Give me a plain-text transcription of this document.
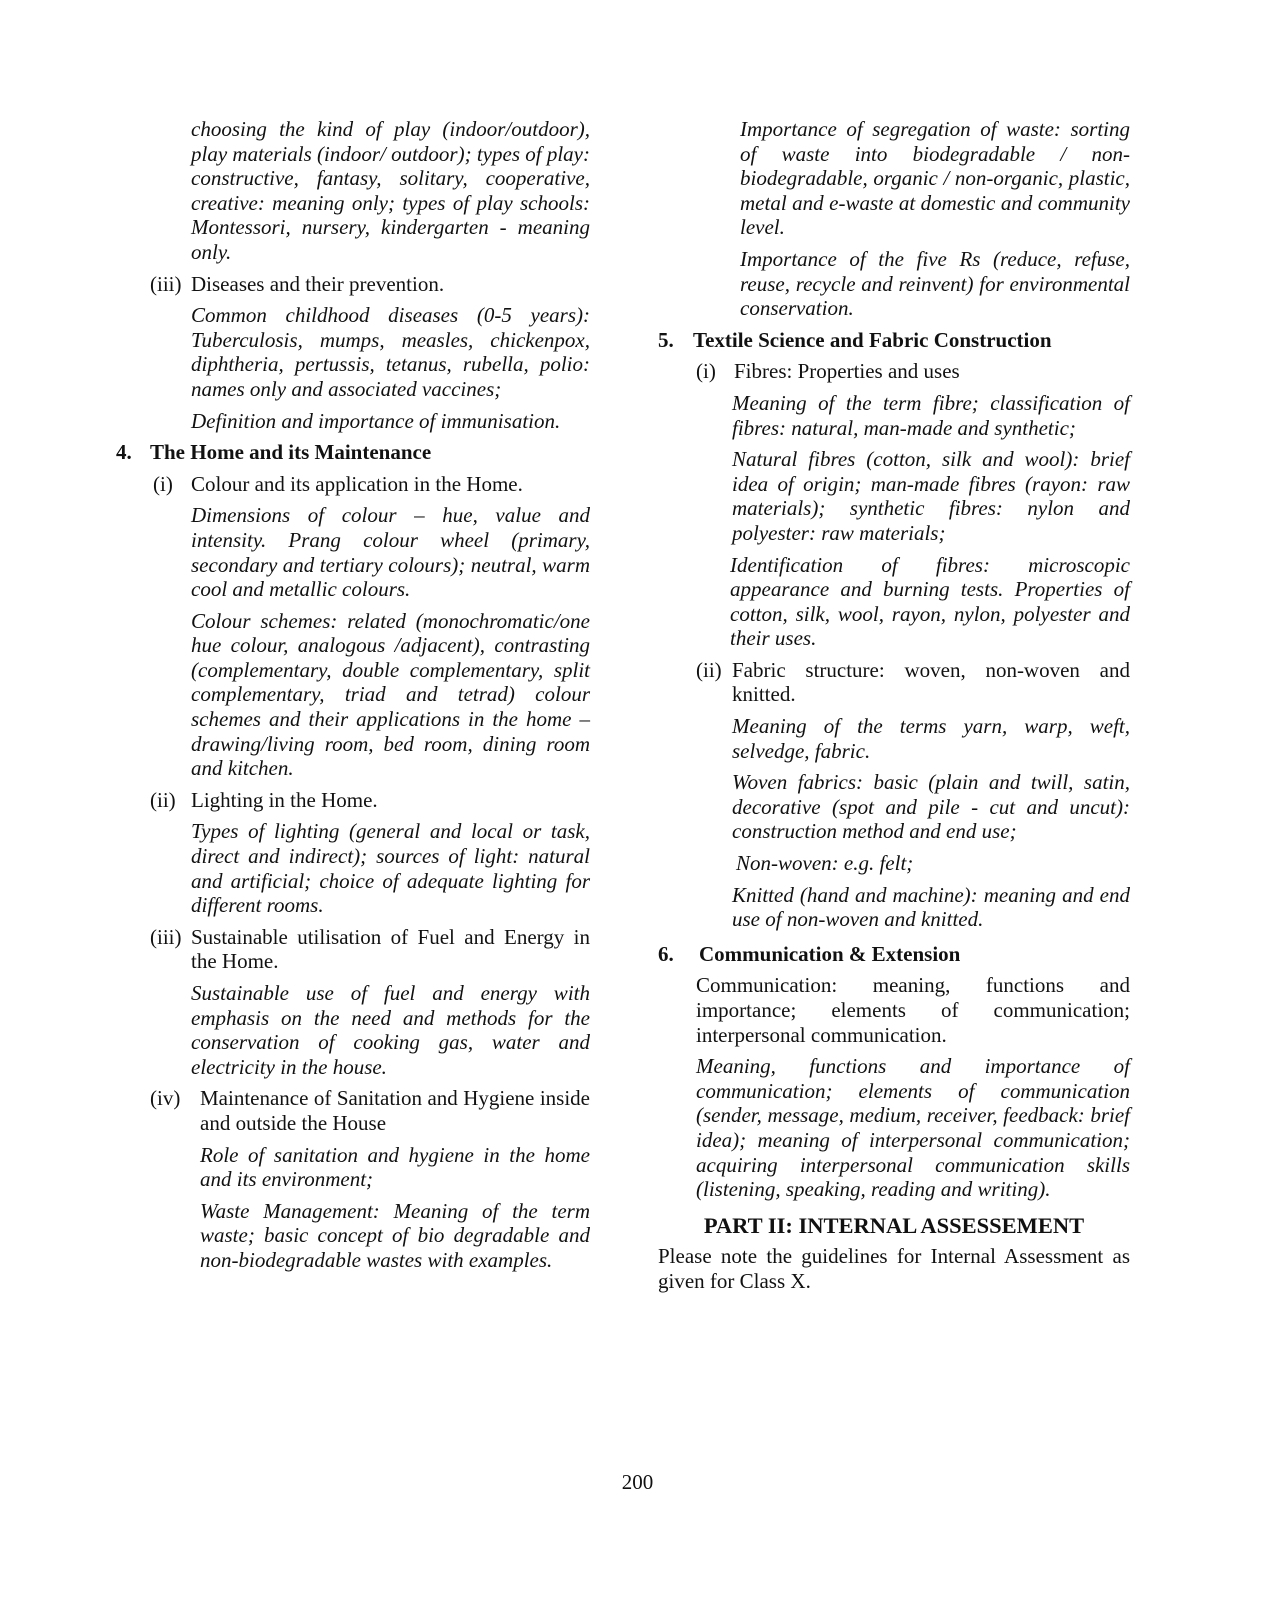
choosing the kind of play (indoor/outdoor), play materials (indoor/ outdoor); types of play: constructive, fantasy, solitary, cooperative, creative: meaning only; types of play schools: Montessori, nursery, kindergarten - meaning only.

(iii) Diseases and their prevention.

Common childhood diseases (0-5 years): Tuberculosis, mumps, measles, chickenpox, diphtheria, pertussis, tetanus, rubella, polio: names only and associated vaccines;

Definition and importance of immunisation.

4. The Home and its Maintenance
(i) Colour and its application in the Home.

Dimensions of colour – hue, value and intensity. Prang colour wheel (primary, secondary and tertiary colours); neutral, warm cool and metallic colours.

Colour schemes: related (monochromatic/one hue colour, analogous /adjacent), contrasting (complementary, double complementary, split complementary, triad and tetrad) colour schemes and their applications in the home – drawing/living room, bed room, dining room and kitchen.

(ii) Lighting in the Home.

Types of lighting (general and local or task, direct and indirect); sources of light: natural and artificial; choice of adequate lighting for different rooms.

(iii) Sustainable utilisation of Fuel and Energy in the Home.

Sustainable use of fuel and energy with emphasis on the need and methods for the conservation of cooking gas, water and electricity in the house.

(iv) Maintenance of Sanitation and Hygiene inside and outside the House

Role of sanitation and hygiene in the home and its environment;

Waste Management: Meaning of the term waste; basic concept of bio degradable and non-biodegradable wastes with examples.

Importance of segregation of waste: sorting of waste into biodegradable / non-biodegradable, organic / non-organic, plastic, metal and e-waste at domestic and community level.

Importance of the five Rs (reduce, refuse, reuse, recycle and reinvent) for environmental conservation.

5. Textile Science and Fabric Construction
(i) Fibres: Properties and uses

Meaning of the term fibre; classification of fibres: natural, man-made and synthetic;

Natural fibres (cotton, silk and wool): brief idea of origin; man-made fibres (rayon: raw materials); synthetic fibres: nylon and polyester: raw materials;

Identification of fibres: microscopic appearance and burning tests. Properties of cotton, silk, wool, rayon, nylon, polyester and their uses.

(ii) Fabric structure: woven, non-woven and knitted.

Meaning of the terms yarn, warp, weft, selvedge, fabric.

Woven fabrics: basic (plain and twill, satin, decorative (spot and pile - cut and uncut): construction method and end use;

Non-woven: e.g. felt;

Knitted (hand and machine): meaning and end use of non-woven and knitted.

6. Communication & Extension

Communication: meaning, functions and importance; elements of communication; interpersonal communication.

Meaning, functions and importance of communication; elements of communication (sender, message, medium, receiver, feedback: brief idea); meaning of interpersonal communication; acquiring interpersonal communication skills (listening, speaking, reading and writing).

PART II: INTERNAL ASSESSEMENT

Please note the guidelines for Internal Assessment as given for Class X.

200
